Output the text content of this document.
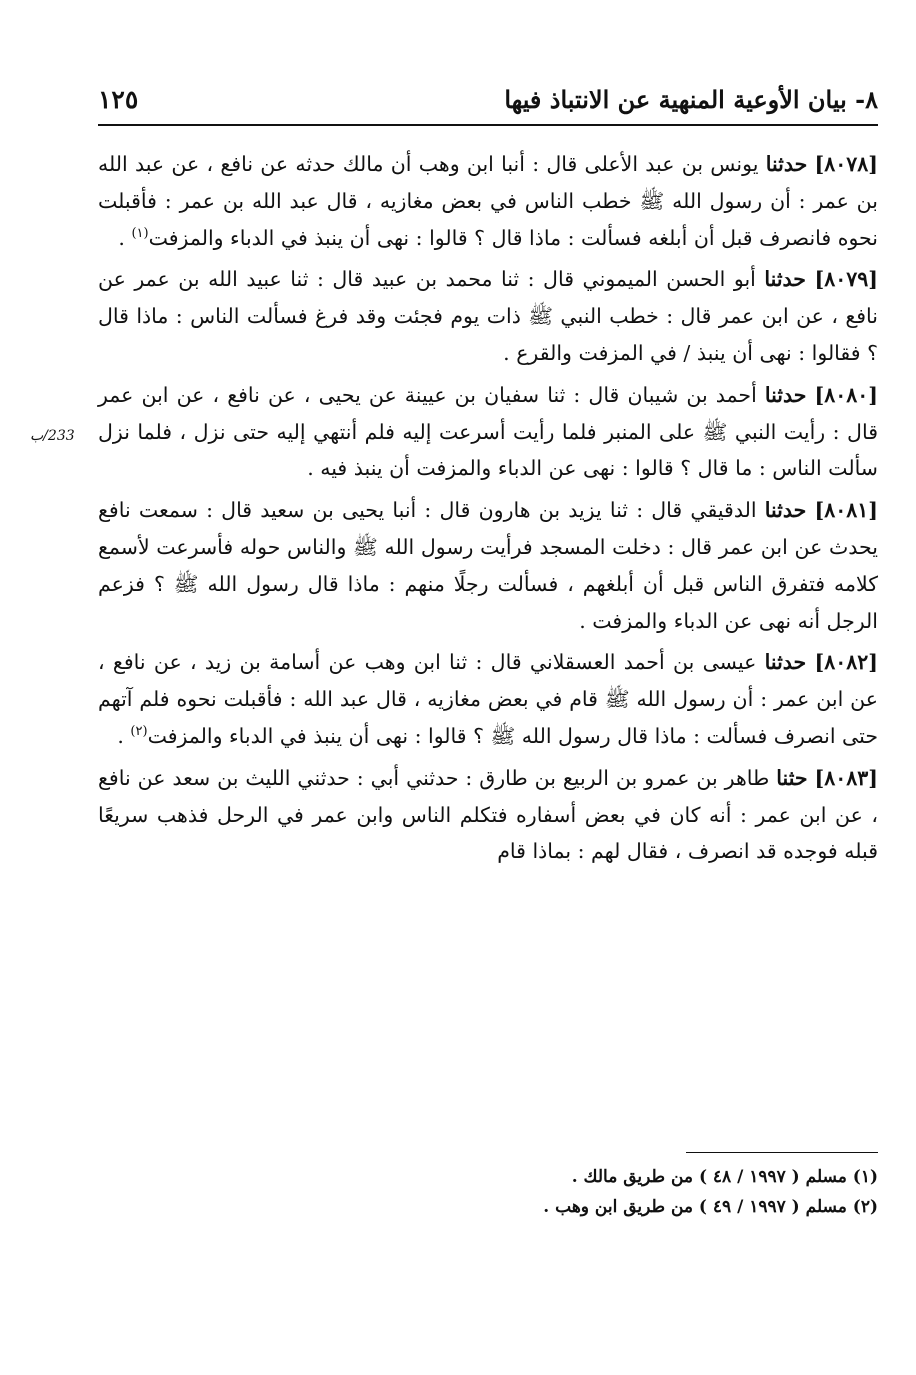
٨- بيان الأوعية المنهية عن الانتباذ فيها
١٢٥
233/ب

[٨٠٧٨] حدثنا يونس بن عبد الأعلى قال : أنبا ابن وهب أن مالك حدثه عن نافع ، عن عبد الله بن عمر : أن رسول الله ﷺ خطب الناس في بعض مغازيه ، قال عبد الله بن عمر : فأقبلت نحوه فانصرف قبل أن أبلغه فسألت : ماذا قال ؟ قالوا : نهى أن ينبذ في الدباء والمزفت$^{(١)}$ .

[٨٠٧٩] حدثنا أبو الحسن الميموني قال : ثنا محمد بن عبيد قال : ثنا عبيد الله بن عمر عن نافع ، عن ابن عمر قال : خطب النبي ﷺ ذات يوم فجئت وقد فرغ فسألت الناس : ماذا قال ؟ فقالوا : نهى أن ينبذ / في المزفت والقرع .

[٨٠٨٠] حدثنا أحمد بن شيبان قال : ثنا سفيان بن عيينة عن يحيى ، عن نافع ، عن ابن عمر قال : رأيت النبي ﷺ على المنبر فلما رأيت أسرعت إليه فلم أنتهي إليه حتى نزل ، فلما نزل سألت الناس : ما قال ؟ قالوا : نهى عن الدباء والمزفت أن ينبذ فيه .

[٨٠٨١] حدثنا الدقيقي قال : ثنا يزيد بن هارون قال : أنبا يحيى بن سعيد قال : سمعت نافع يحدث عن ابن عمر قال : دخلت المسجد فرأيت رسول الله ﷺ والناس حوله فأسرعت لأسمع كلامه فتفرق الناس قبل أن أبلغهم ، فسألت رجلًا منهم : ماذا قال رسول الله ﷺ ؟ فزعم الرجل أنه نهى عن الدباء والمزفت .

[٨٠٨٢] حدثنا عيسى بن أحمد العسقلاني قال : ثنا ابن وهب عن أسامة بن زيد ، عن نافع ، عن ابن عمر : أن رسول الله ﷺ قام في بعض مغازيه ، قال عبد الله : فأقبلت نحوه فلم آتهم حتى انصرف فسألت : ماذا قال رسول الله ﷺ ؟ قالوا : نهى أن ينبذ في الدباء والمزفت$^{(٢)}$ .

[٨٠٨٣] حثنا طاهر بن عمرو بن الربيع بن طارق : حدثني أبي : حدثني الليث بن سعد عن نافع ، عن ابن عمر : أنه كان في بعض أسفاره فتكلم الناس وابن عمر في الرحل فذهب سريعًا قبله فوجده قد انصرف ، فقال لهم : بماذا قام

(١) مسلم ( ١٩٩٧ / ٤٨ ) من طريق مالك .

(٢) مسلم ( ١٩٩٧ / ٤٩ ) من طريق ابن وهب .
